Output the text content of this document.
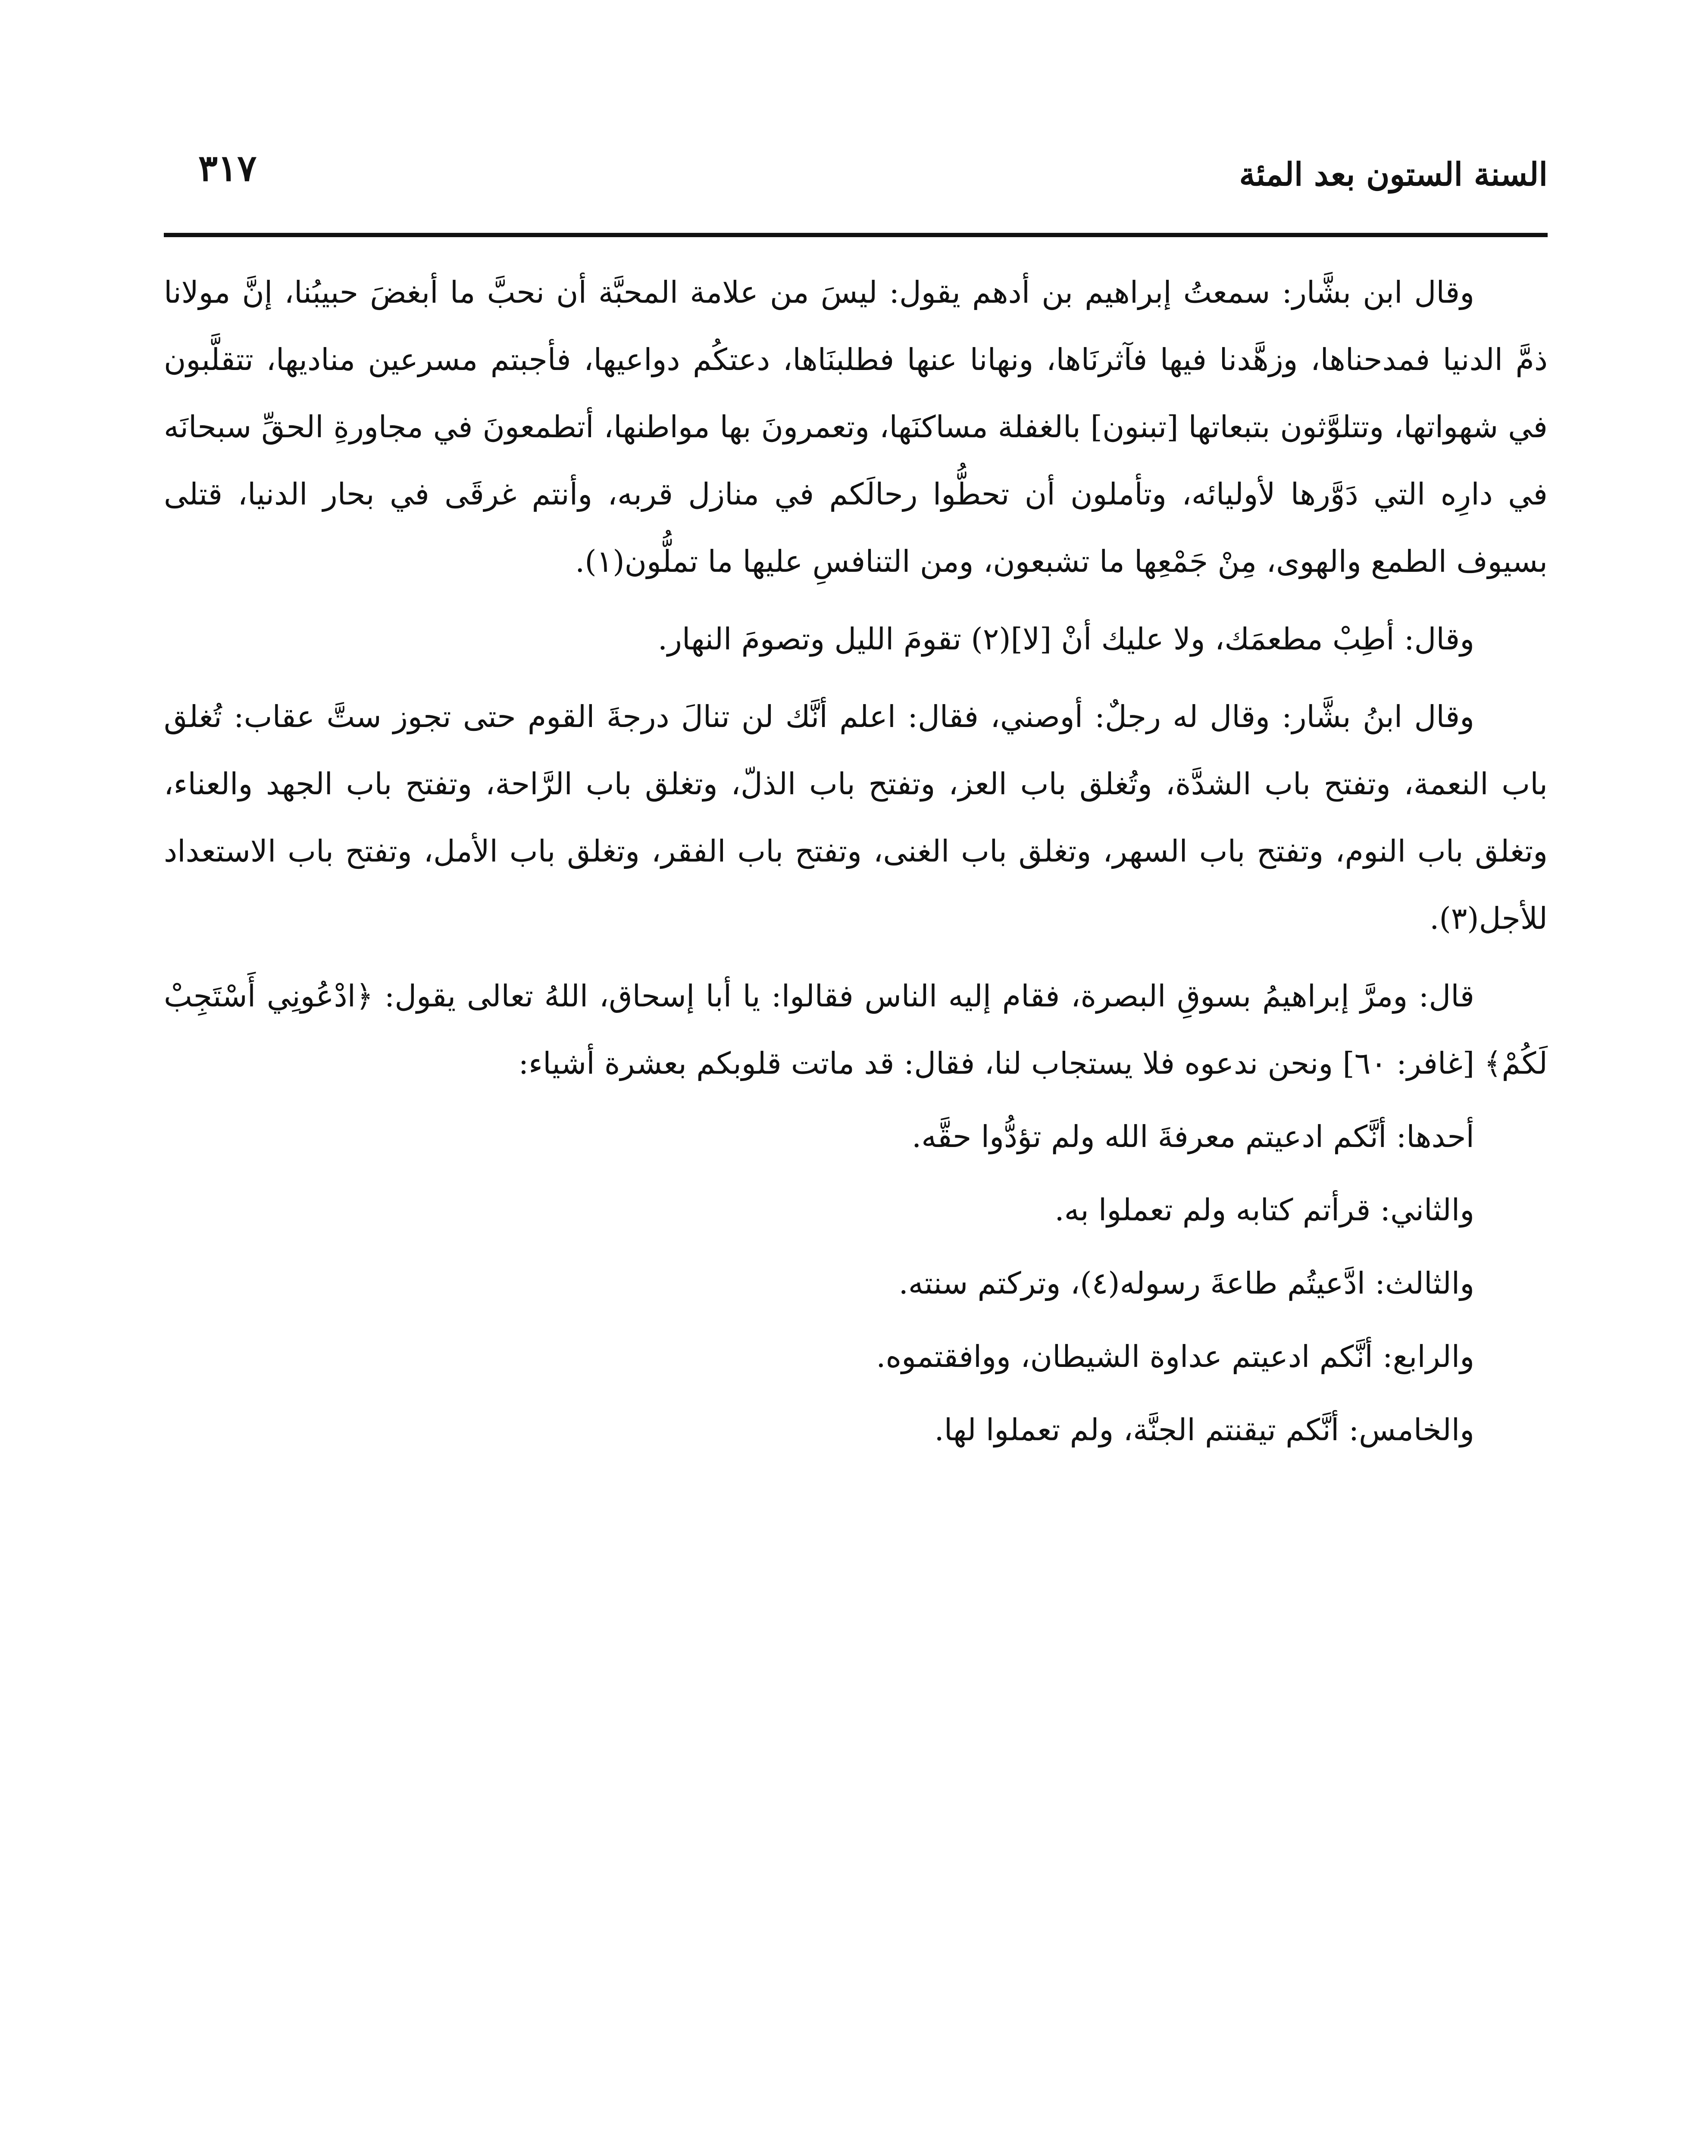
السنة الستون بعد المئة
٣١٧

وقال ابن بشَّار: سمعتُ إبراهيم بن أدهم يقول: ليسَ من علامة المحبَّة أن نحبَّ ما أبغضَ حبيبُنا، إنَّ مولانا ذمَّ الدنيا فمدحناها، وزهَّدنا فيها فآثرنَاها، ونهانا عنها فطلبنَاها، دعتكُم دواعيها، فأجبتم مسرعين مناديها، تتقلَّبون في شهواتها، وتتلوَّثون بتبعاتها [تبنون] بالغفلة مساكنَها، وتعمرونَ بها مواطنها، أتطمعونَ في مجاورةِ الحقِّ سبحانَه في دارِه التي دَوَّرها لأوليائه، وتأملون أن تحطُّوا رحالَكم في منازل قربه، وأنتم غرقَى في بحار الدنيا، قتلى بسيوف الطمع والهوى، مِنْ جَمْعِها ما تشبعون، ومن التنافسِ عليها ما تملُّون(١).

وقال: أطِبْ مطعمَك، ولا عليك أنْ [لا](٢) تقومَ الليل وتصومَ النهار.

وقال ابنُ بشَّار: وقال له رجلٌ: أوصني، فقال: اعلم أنَّك لن تنالَ درجةَ القوم حتى تجوز ستَّ عقاب: تُغلق باب النعمة، وتفتح باب الشدَّة، وتُغلق باب العز، وتفتح باب الذلّ، وتغلق باب الرَّاحة، وتفتح باب الجهد والعناء، وتغلق باب النوم، وتفتح باب السهر، وتغلق باب الغنى، وتفتح باب الفقر، وتغلق باب الأمل، وتفتح باب الاستعداد للأجل(٣).

قال: ومرَّ إبراهيمُ بسوقِ البصرة، فقام إليه الناس فقالوا: يا أبا إسحاق، اللهُ تعالى يقول: ﴿ادْعُونِي أَسْتَجِبْ لَكُمْ﴾ [غافر: ٦٠] ونحن ندعوه فلا يستجاب لنا، فقال: قد ماتت قلوبكم بعشرة أشياء:

أحدها: أنَّكم ادعيتم معرفةَ الله ولم تؤدُّوا حقَّه.

والثاني: قرأتم كتابه ولم تعملوا به.

والثالث: ادَّعيتُم طاعةَ رسوله(٤)، وتركتم سنته.

والرابع: أنَّكم ادعيتم عداوة الشيطان، ووافقتموه.

والخامس: أنَّكم تيقنتم الجنَّة، ولم تعملوا لها.
